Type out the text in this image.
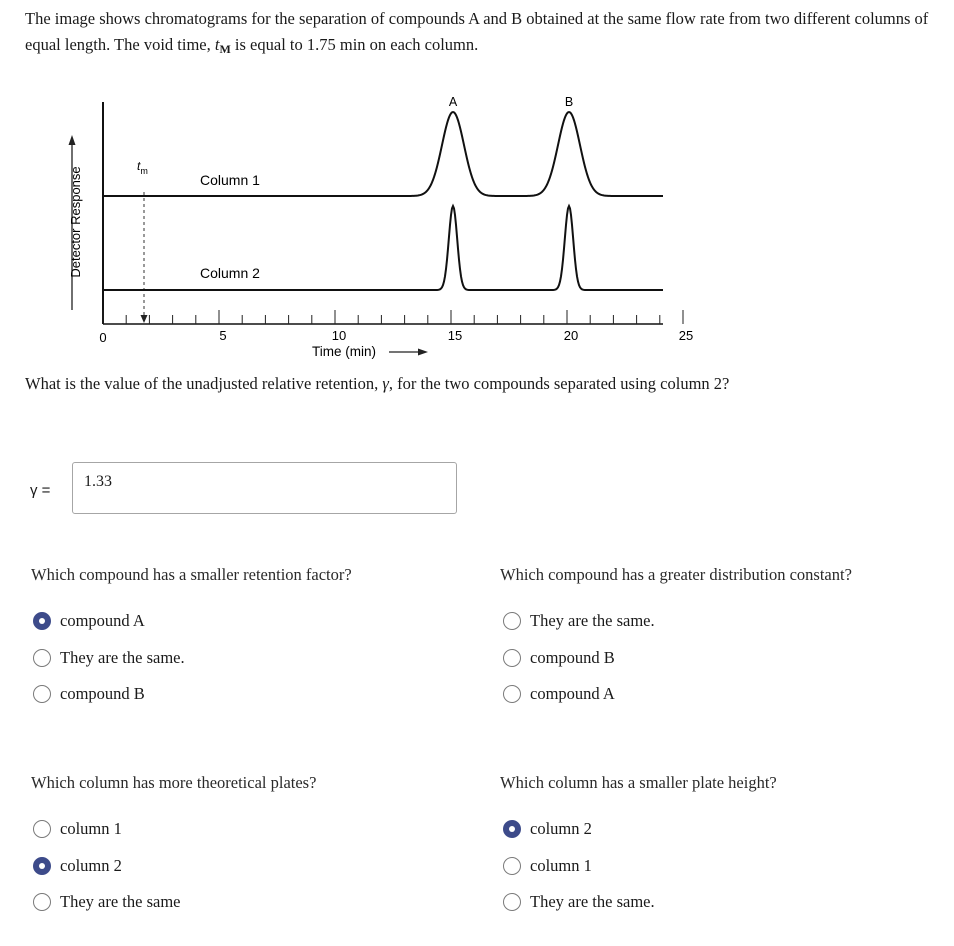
The image shows chromatograms for the separation of compounds A and B obtained at the same flow rate from two different columns of equal length. The void time, $t_M$ is equal to 1.75 min on each column.
Detector Response
0	5	10	15	20	25
Time (min)
$t_m$
Column 1
Column 2
A	B
What is the value of the unadjusted relative retention, γ, for the two compounds separated using column 2?
γ =
1.33
Which compound has a smaller retention factor?
compound A
They are the same.
compound B
Which compound has a greater distribution constant?
They are the same.
compound B
compound A
Which column has more theoretical plates?
column 1
column 2
They are the same
Which column has a smaller plate height?
column 2
column 1
They are the same.
